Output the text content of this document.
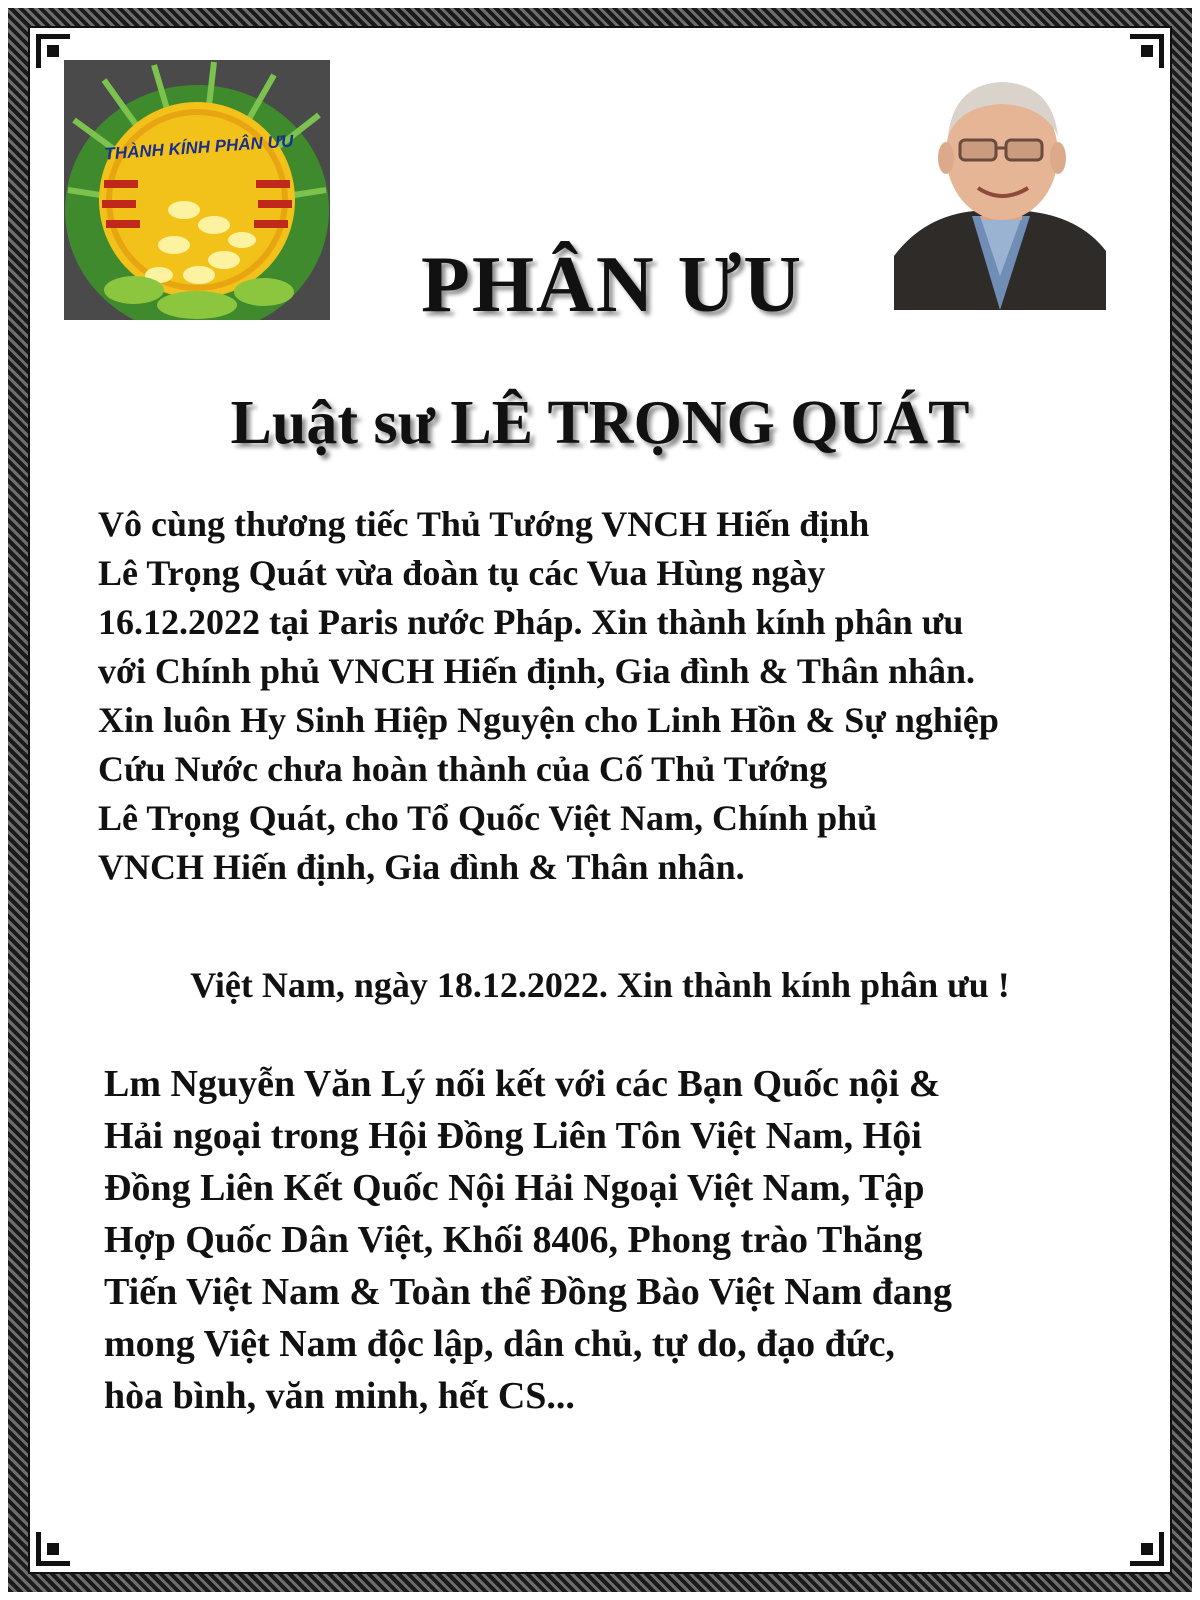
THÀNH KÍNH PHÂN ƯU
PHÂN ƯU
Luật sư LÊ TRỌNG QUÁT

Vô cùng thương tiếc Thủ Tướng VNCH Hiến định
Lê Trọng Quát vừa đoàn tụ các Vua Hùng ngày
16.12.2022 tại Paris nước Pháp. Xin thành kính phân ưu
với Chính phủ VNCH Hiến định, Gia đình & Thân nhân.
Xin luôn Hy Sinh Hiệp Nguyện cho Linh Hồn & Sự nghiệp
Cứu Nước chưa hoàn thành của Cố Thủ Tướng
Lê Trọng Quát, cho Tổ Quốc Việt Nam, Chính phủ
VNCH Hiến định, Gia đình & Thân nhân.

Việt Nam, ngày 18.12.2022. Xin thành kính phân ưu !

Lm Nguyễn Văn Lý nối kết với các Bạn Quốc nội &
Hải ngoại trong Hội Đồng Liên Tôn Việt Nam, Hội
Đồng Liên Kết Quốc Nội Hải Ngoại Việt Nam, Tập
Hợp Quốc Dân Việt, Khối 8406, Phong trào Thăng
Tiến Việt Nam & Toàn thể Đồng Bào Việt Nam đang
mong Việt Nam độc lập, dân chủ, tự do, đạo đức,
hòa bình, văn minh, hết CS...
